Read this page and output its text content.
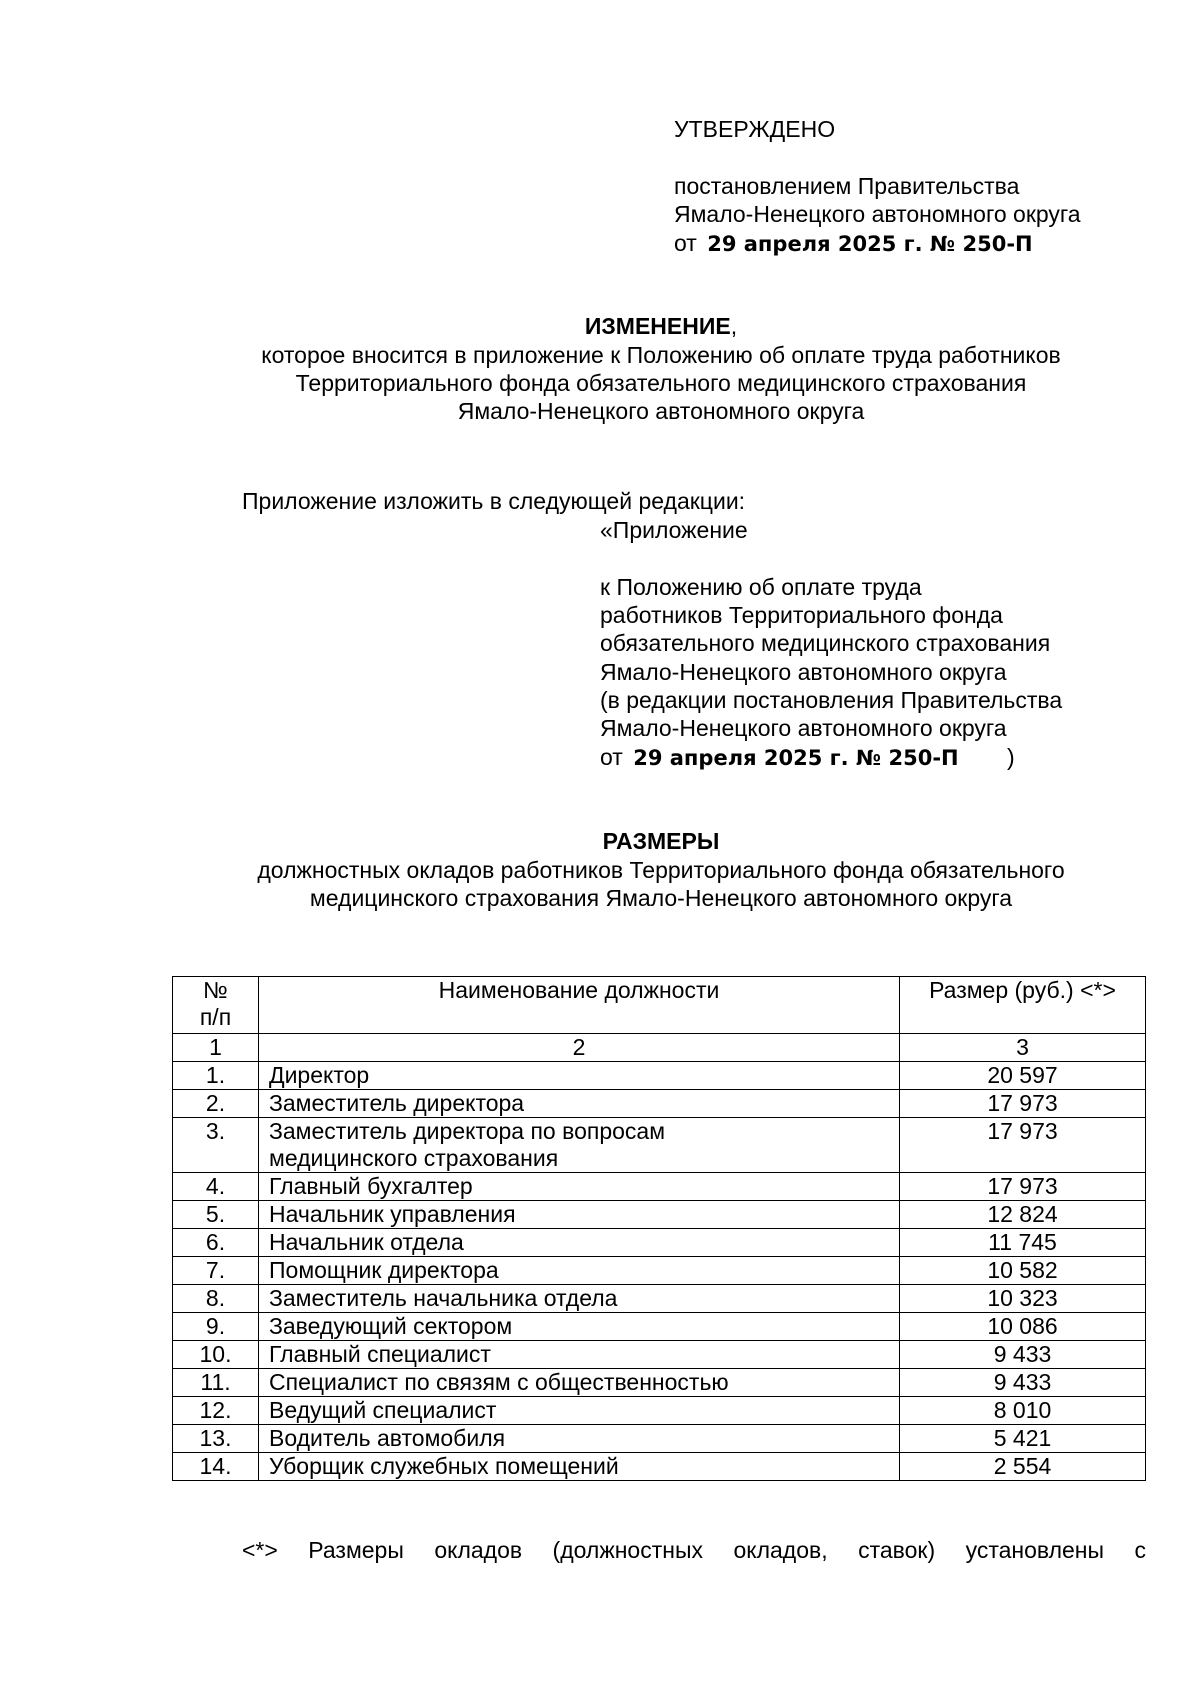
УТВЕРЖДЕНО
постановлением Правительства
Ямало-Ненецкого автономного округа
от 29 апреля 2025 г. № 250-П
ИЗМЕНЕНИЕ,
которое вносится в приложение к Положению об оплате труда работников
Территориального фонда обязательного медицинского страхования
Ямало-Ненецкого автономного округа
Приложение изложить в следующей редакции:
«Приложение
к Положению об оплате труда
работников Территориального фонда
обязательного медицинского страхования
Ямало-Ненецкого автономного округа
(в редакции постановления Правительства
Ямало-Ненецкого автономного округа
от 29 апреля 2025 г. № 250-П )
РАЗМЕРЫ
должностных окладов работников Территориального фонда обязательного
медицинского страхования Ямало-Ненецкого автономного округа
№
п/п	Наименование должности	Размер (руб.) <*>
1	2	3
1.	Директор	20 597
2.	Заместитель директора	17 973
3.	Заместитель директора по вопросам
медицинского страхования	17 973
4.	Главный бухгалтер	17 973
5.	Начальник управления	12 824
6.	Начальник отдела	11 745
7.	Помощник директора	10 582
8.	Заместитель начальника отдела	10 323
9.	Заведующий сектором	10 086
10.	Главный специалист	9 433
11.	Специалист по связям с общественностью	9 433
12.	Ведущий специалист	8 010
13.	Водитель автомобиля	5 421
14.	Уборщик служебных помещений	2 554
<*> Размеры окладов (должностных окладов, ставок) установлены с
